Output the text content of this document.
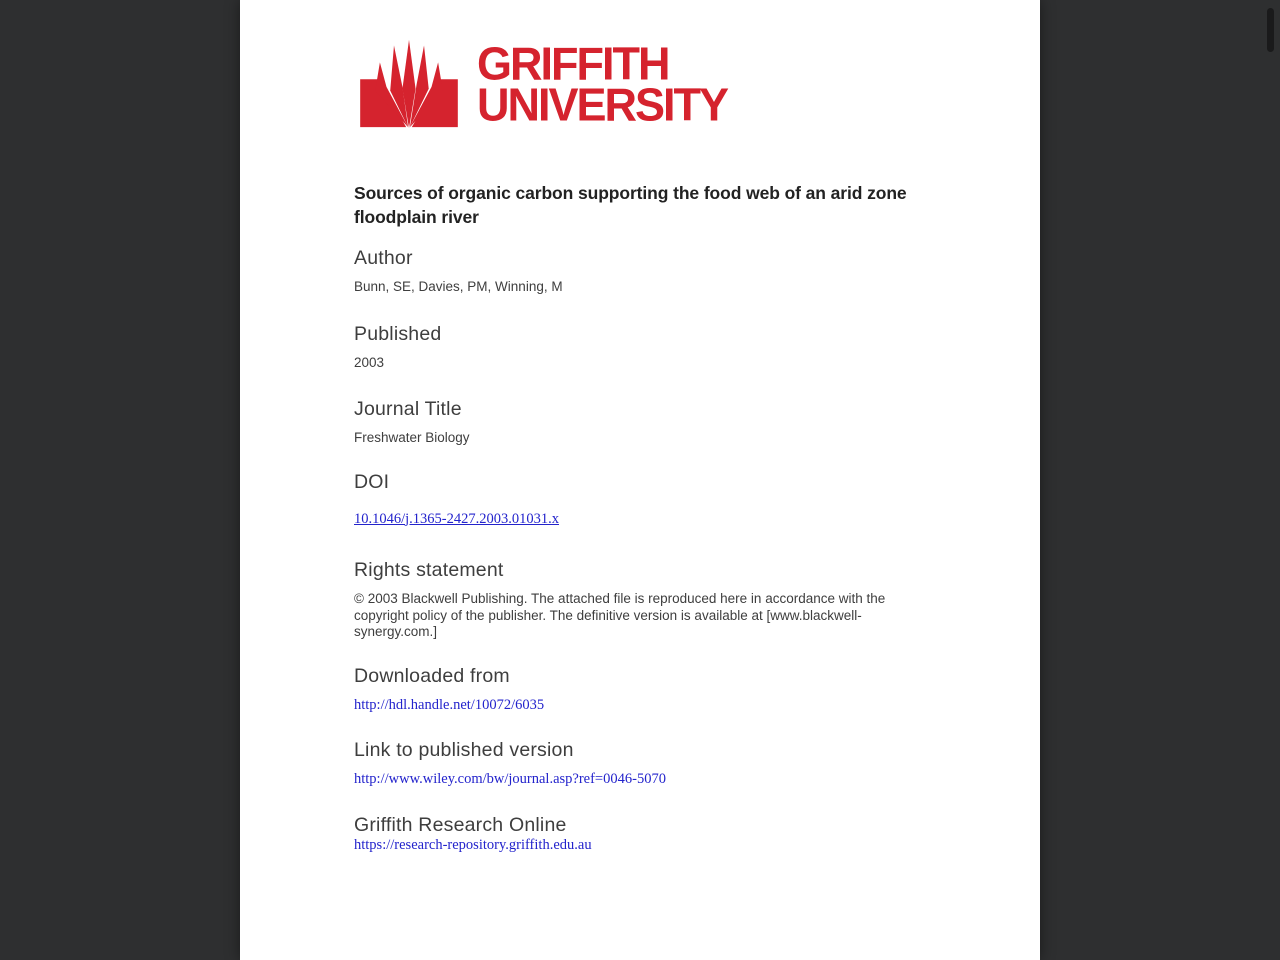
GRIFFITH
UNIVERSITY
Sources of organic carbon supporting the food web of an arid zone floodplain river
Author
Bunn, SE, Davies, PM, Winning, M
Published
2003
Journal Title
Freshwater Biology
DOI
10.1046/j.1365-2427.2003.01031.x
Rights statement
© 2003 Blackwell Publishing. The attached file is reproduced here in accordance with the copyright policy of the publisher. The definitive version is available at [www.blackwell-synergy.com.]
Downloaded from
http://hdl.handle.net/10072/6035
Link to published version
http://www.wiley.com/bw/journal.asp?ref=0046-5070
Griffith Research Online
https://research-repository.griffith.edu.au
